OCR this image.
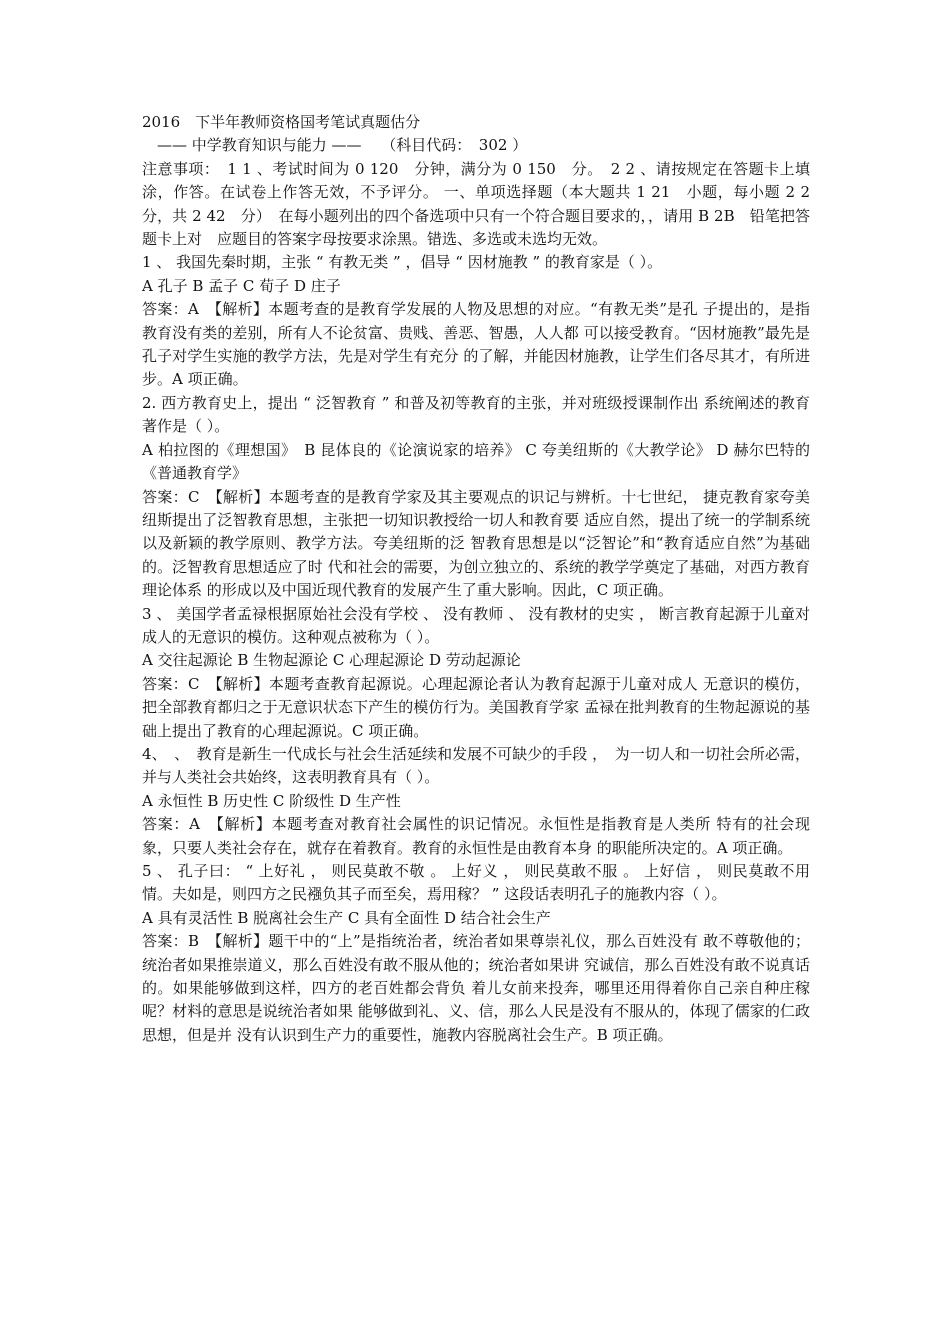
2016　下半年教师资格国考笔试真题估分

　—— 中学教育知识与能力 ——　 （科目代码：　302 ）

注意事项：　1 1 、考试时间为 0 120　分钟，满分为 0 150　分。　2 2 、请按规定在答题卡上填涂，作答。在试卷上作答无效，不予评分。 一、单项选择题（本大题共 1 21　小题，每小题 2 2　分，共 2 42　分）　在每小题列出的四个备选项中只有一个符合题目要求的，，请用 B 2B　铅笔把答题卡上对　应题目的答案字母按要求涂黑。错选、多选或未选均无效。

1 、 我国先秦时期，主张 “ 有教无类 ” ，倡导 “ 因材施教 ” 的教育家是（ ）。

A 孔子 B 孟子 C 荀子 D 庄子

答案：A　【解析】本题考查的是教育学发展的人物及思想的对应。“有教无类”是孔 子提出的，是指教育没有类的差别，所有人不论贫富、贵贱、善恶、智愚，人人都 可以接受教育。“因材施教”最先是孔子对学生实施的教学方法，先是对学生有充分 的了解，并能因材施教，让学生们各尽其才，有所进步。A 项正确。

2. 西方教育史上，提出 “ 泛智教育 ” 和普及初等教育的主张，并对班级授课制作出 系统阐述的教育著作是（ ）。

A 柏拉图的《理想国》　B 昆体良的《论演说家的培养》 C 夸美纽斯的《大教学论》 D 赫尔巴特的《普通教育学》

答案：C　【解析】本题考查的是教育学家及其主要观点的识记与辨析。十七世纪， 捷克教育家夸美纽斯提出了泛智教育思想，主张把一切知识教授给一切人和教育要 适应自然，提出了统一的学制系统以及新颖的教学原则、教学方法。夸美纽斯的泛 智教育思想是以“泛智论”和“教育适应自然”为基础的。泛智教育思想适应了时 代和社会的需要，为创立独立的、系统的教学学奠定了基础，对西方教育理论体系 的形成以及中国近现代教育的发展产生了重大影响。因此，C 项正确。

3 、 美国学者孟禄根据原始社会没有学校 、 没有教师 、 没有教材的史实 ， 断言教育起源于儿童对成人的无意识的模仿。这种观点被称为（ ）。

A 交往起源论 B 生物起源论 C 心理起源论 D 劳动起源论

答案：C　【解析】本题考查教育起源说。心理起源论者认为教育起源于儿童对成人 无意识的模仿，把全部教育都归之于无意识状态下产生的模仿行为。美国教育学家 孟禄在批判教育的生物起源说的基础上提出了教育的心理起源说。C 项正确。

4、　、　教育是新生一代成长与社会生活延续和发展不可缺少的手段 ，　为一切人和一切社会所必需，并与人类社会共始终，这表明教育具有（ ）。

A 永恒性 B 历史性 C 阶级性 D 生产性

答案：A　【解析】本题考查对教育社会属性的识记情况。永恒性是指教育是人类所 特有的社会现象，只要人类社会存在，就存在着教育。教育的永恒性是由教育本身 的职能所决定的。A 项正确。

5 、 孔子曰： “ 上好礼 ， 则民莫敢不敬 。 上好义 ， 则民莫敢不服 。 上好信 ， 则民莫敢不用情。夫如是，则四方之民襁负其子而至矣，焉用稼？ ” 这段话表明孔子的施教内容（ ）。

A 具有灵活性 B 脱离社会生产 C 具有全面性 D 结合社会生产

答案：B　【解析】题干中的“上”是指统治者，统治者如果尊崇礼仪，那么百姓没有 敢不尊敬他的；统治者如果推崇道义，那么百姓没有敢不服从他的；统治者如果讲 究诚信，那么百姓没有敢不说真话的。如果能够做到这样，四方的老百姓都会背负 着儿女前来投奔，哪里还用得着你自己亲自种庄稼呢？材料的意思是说统治者如果 能够做到礼、义、信，那么人民是没有不服从的，体现了儒家的仁政思想，但是并 没有认识到生产力的重要性，施教内容脱离社会生产。B 项正确。
